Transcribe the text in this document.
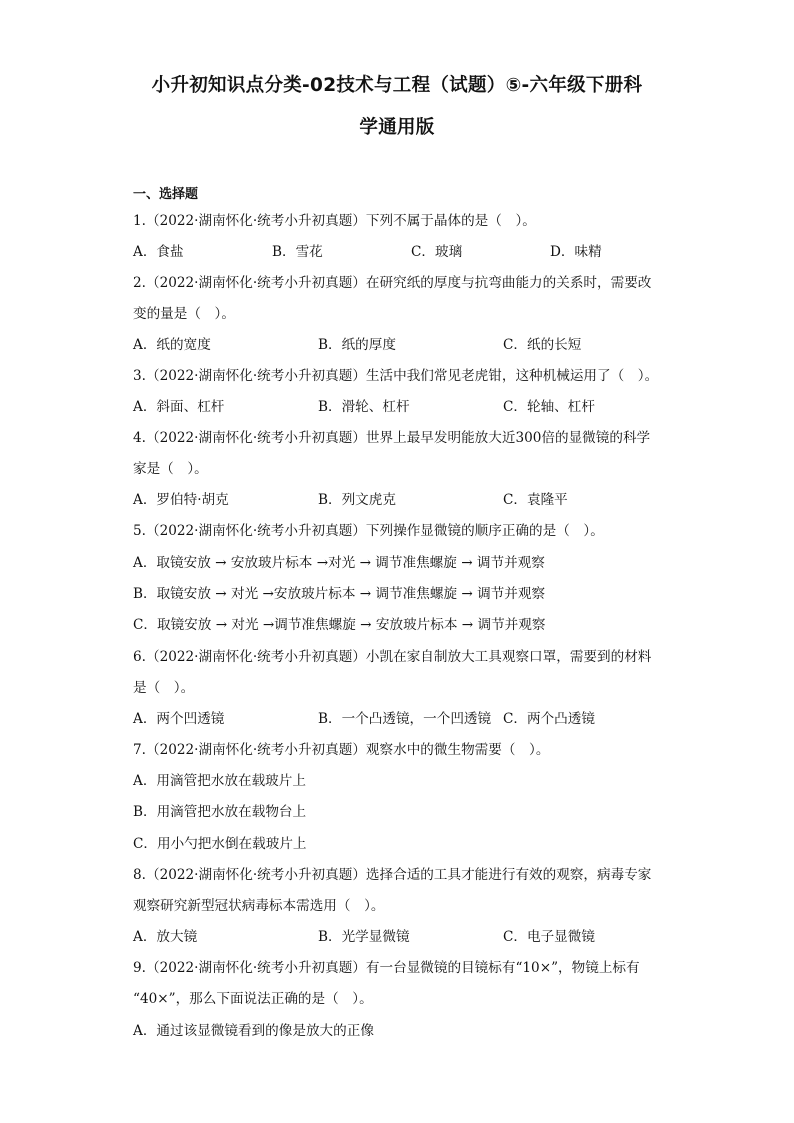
小升初知识点分类-02技术与工程（试题）⑤-六年级下册科
学通用版
一、选择题
1.（2022·湖南怀化·统考小升初真题）下列不属于晶体的是（　）。
A．食盐	B．雪花	C．玻璃	D．味精
2.（2022·湖南怀化·统考小升初真题）在研究纸的厚度与抗弯曲能力的关系时，需要改
变的量是（　）。
A．纸的宽度	B．纸的厚度	C．纸的长短
3.（2022·湖南怀化·统考小升初真题）生活中我们常见老虎钳，这种机械运用了（　）。
A．斜面、杠杆	B．滑轮、杠杆	C．轮轴、杠杆
4.（2022·湖南怀化·统考小升初真题）世界上最早发明能放大近300倍的显微镜的科学
家是（　）。
A．罗伯特·胡克	B．列文虎克	C．袁隆平
5.（2022·湖南怀化·统考小升初真题）下列操作显微镜的顺序正确的是（　）。
A．取镜安放 → 安放玻片标本 →对光 → 调节准焦螺旋 → 调节并观察
B．取镜安放 → 对光 →安放玻片标本 → 调节准焦螺旋 → 调节并观察
C．取镜安放 → 对光 →调节准焦螺旋 → 安放玻片标本 → 调节并观察
6.（2022·湖南怀化·统考小升初真题）小凯在家自制放大工具观察口罩，需要到的材料
是（　）。
A．两个凹透镜	B．一个凸透镜，一个凹透镜 C．两个凸透镜
7.（2022·湖南怀化·统考小升初真题）观察水中的微生物需要（　）。
A．用滴管把水放在载玻片上
B．用滴管把水放在载物台上
C．用小勺把水倒在载玻片上
8.（2022·湖南怀化·统考小升初真题）选择合适的工具才能进行有效的观察，病毒专家
观察研究新型冠状病毒标本需选用（　）。
A．放大镜	B．光学显微镜	C．电子显微镜
9.（2022·湖南怀化·统考小升初真题）有一台显微镜的目镜标有“10×”，物镜上标有
“40×”，那么下面说法正确的是（　）。
A．通过该显微镜看到的像是放大的正像
